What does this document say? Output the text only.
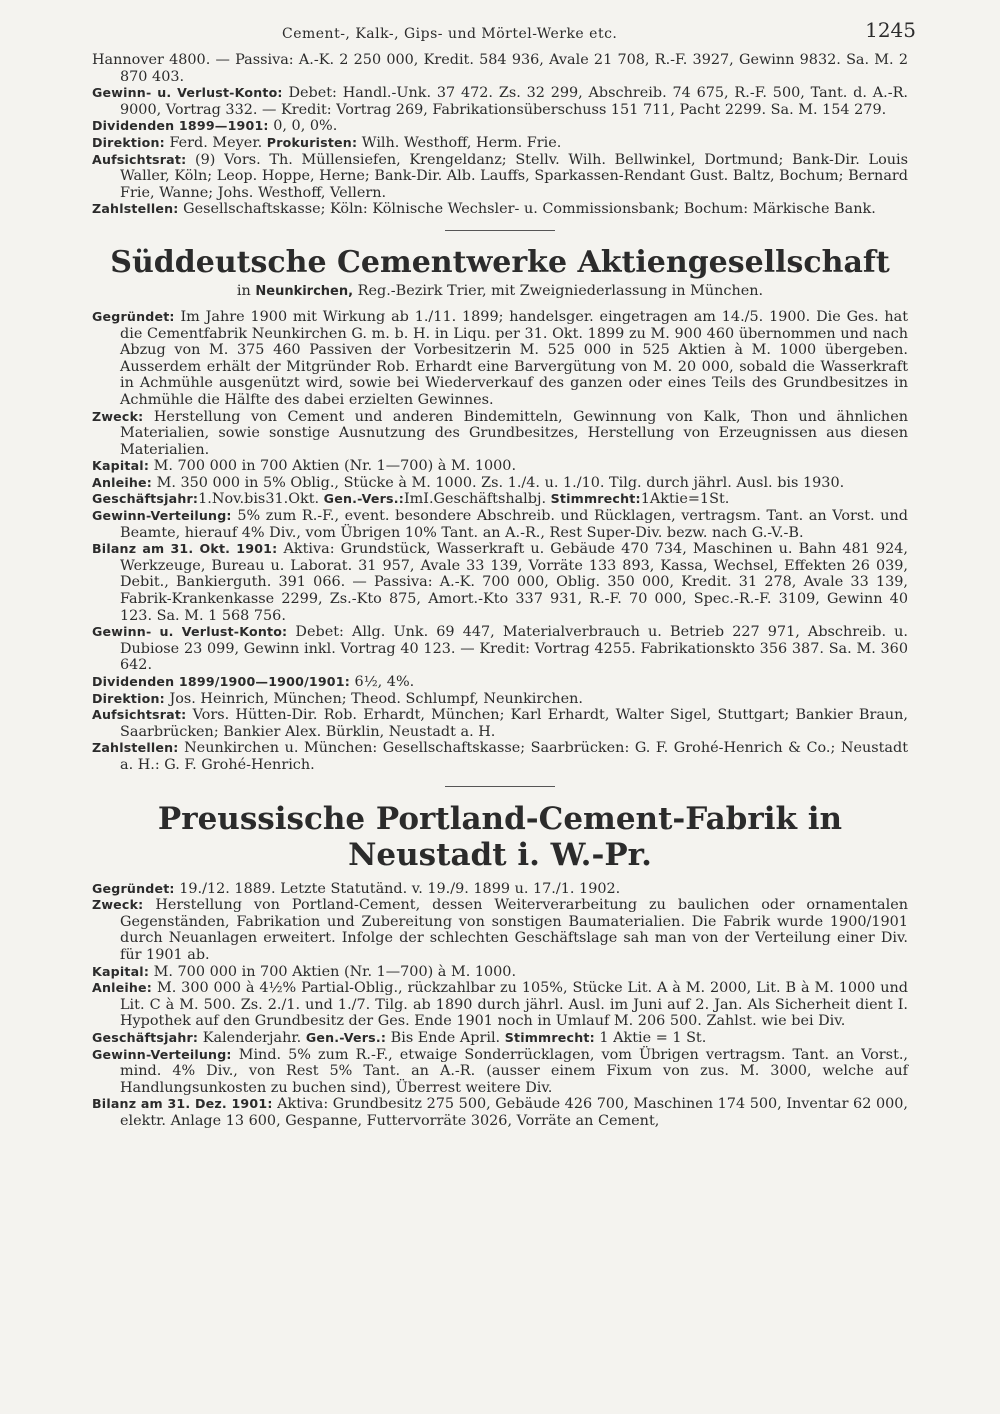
Cement-, Kalk-, Gips- und Mörtel-Werke etc.	1245

Hannover 4800. — Passiva: A.-K. 2 250 000, Kredit. 584 936, Avale 21 708, R.-F. 3927, Gewinn 9832. Sa. M. 2 870 403.

Gewinn- u. Verlust-Konto: Debet: Handl.-Unk. 37 472. Zs. 32 299, Abschreib. 74 675, R.-F. 500, Tant. d. A.-R. 9000, Vortrag 332. — Kredit: Vortrag 269, Fabrikationsüberschuss 151 711, Pacht 2299. Sa. M. 154 279.

Dividenden 1899—1901: 0, 0, 0%.

Direktion: Ferd. Meyer. Prokuristen: Wilh. Westhoff, Herm. Frie.

Aufsichtsrat: (9) Vors. Th. Müllensiefen, Krengeldanz; Stellv. Wilh. Bellwinkel, Dortmund; Bank-Dir. Louis Waller, Köln; Leop. Hoppe, Herne; Bank-Dir. Alb. Lauffs, Sparkassen-Rendant Gust. Baltz, Bochum; Bernard Frie, Wanne; Johs. Westhoff, Vellern.

Zahlstellen: Gesellschaftskasse; Köln: Kölnische Wechsler- u. Commissionsbank; Bochum: Märkische Bank.

Süddeutsche Cementwerke Aktiengesellschaft
in Neunkirchen, Reg.-Bezirk Trier, mit Zweigniederlassung in München.

Gegründet: Im Jahre 1900 mit Wirkung ab 1./11. 1899; handelsger. eingetragen am 14./5. 1900. Die Ges. hat die Cementfabrik Neunkirchen G. m. b. H. in Liqu. per 31. Okt. 1899 zu M. 900 460 übernommen und nach Abzug von M. 375 460 Passiven der Vorbesitzerin M. 525 000 in 525 Aktien à M. 1000 übergeben. Ausserdem erhält der Mitgründer Rob. Erhardt eine Barvergütung von M. 20 000, sobald die Wasserkraft in Achmühle ausgenützt wird, sowie bei Wiederverkauf des ganzen oder eines Teils des Grundbesitzes in Achmühle die Hälfte des dabei erzielten Gewinnes.

Zweck: Herstellung von Cement und anderen Bindemitteln, Gewinnung von Kalk, Thon und ähnlichen Materialien, sowie sonstige Ausnutzung des Grundbesitzes, Herstellung von Erzeugnissen aus diesen Materialien.

Kapital: M. 700 000 in 700 Aktien (Nr. 1—700) à M. 1000.

Anleihe: M. 350 000 in 5% Oblig., Stücke à M. 1000. Zs. 1./4. u. 1./10. Tilg. durch jährl. Ausl. bis 1930.

Geschäftsjahr:1.Nov.bis31.Okt. Gen.-Vers.:ImI.Geschäftshalbj. Stimmrecht:1Aktie=1St.

Gewinn-Verteilung: 5% zum R.-F., event. besondere Abschreib. und Rücklagen, vertragsm. Tant. an Vorst. und Beamte, hierauf 4% Div., vom Übrigen 10% Tant. an A.-R., Rest Super-Div. bezw. nach G.-V.-B.

Bilanz am 31. Okt. 1901: Aktiva: Grundstück, Wasserkraft u. Gebäude 470 734, Maschinen u. Bahn 481 924, Werkzeuge, Bureau u. Laborat. 31 957, Avale 33 139, Vorräte 133 893, Kassa, Wechsel, Effekten 26 039, Debit., Bankierguth. 391 066. — Passiva: A.-K. 700 000, Oblig. 350 000, Kredit. 31 278, Avale 33 139, Fabrik-Krankenkasse 2299, Zs.-Kto 875, Amort.-Kto 337 931, R.-F. 70 000, Spec.-R.-F. 3109, Gewinn 40 123. Sa. M. 1 568 756.

Gewinn- u. Verlust-Konto: Debet: Allg. Unk. 69 447, Materialverbrauch u. Betrieb 227 971, Abschreib. u. Dubiose 23 099, Gewinn inkl. Vortrag 40 123. — Kredit: Vortrag 4255. Fabrikationskto 356 387. Sa. M. 360 642.

Dividenden 1899/1900—1900/1901: 6½, 4%.

Direktion: Jos. Heinrich, München; Theod. Schlumpf, Neunkirchen.

Aufsichtsrat: Vors. Hütten-Dir. Rob. Erhardt, München; Karl Erhardt, Walter Sigel, Stuttgart; Bankier Braun, Saarbrücken; Bankier Alex. Bürklin, Neustadt a. H.

Zahlstellen: Neunkirchen u. München: Gesellschaftskasse; Saarbrücken: G. F. Grohé-Henrich & Co.; Neustadt a. H.: G. F. Grohé-Henrich.

Preussische Portland-Cement-Fabrik in Neustadt i. W.-Pr.

Gegründet: 19./12. 1889. Letzte Statutänd. v. 19./9. 1899 u. 17./1. 1902.

Zweck: Herstellung von Portland-Cement, dessen Weiterverarbeitung zu baulichen oder ornamentalen Gegenständen, Fabrikation und Zubereitung von sonstigen Baumaterialien. Die Fabrik wurde 1900/1901 durch Neuanlagen erweitert. Infolge der schlechten Geschäftslage sah man von der Verteilung einer Div. für 1901 ab.

Kapital: M. 700 000 in 700 Aktien (Nr. 1—700) à M. 1000.

Anleihe: M. 300 000 à 4½% Partial-Oblig., rückzahlbar zu 105%, Stücke Lit. A à M. 2000, Lit. B à M. 1000 und Lit. C à M. 500. Zs. 2./1. und 1./7. Tilg. ab 1890 durch jährl. Ausl. im Juni auf 2. Jan. Als Sicherheit dient I. Hypothek auf den Grundbesitz der Ges. Ende 1901 noch in Umlauf M. 206 500. Zahlst. wie bei Div.

Geschäftsjahr: Kalenderjahr. Gen.-Vers.: Bis Ende April. Stimmrecht: 1 Aktie = 1 St.

Gewinn-Verteilung: Mind. 5% zum R.-F., etwaige Sonderrücklagen, vom Übrigen vertragsm. Tant. an Vorst., mind. 4% Div., von Rest 5% Tant. an A.-R. (ausser einem Fixum von zus. M. 3000, welche auf Handlungsunkosten zu buchen sind), Überrest weitere Div.

Bilanz am 31. Dez. 1901: Aktiva: Grundbesitz 275 500, Gebäude 426 700, Maschinen 174 500, Inventar 62 000, elektr. Anlage 13 600, Gespanne, Futtervorräte 3026, Vorräte an Cement,
